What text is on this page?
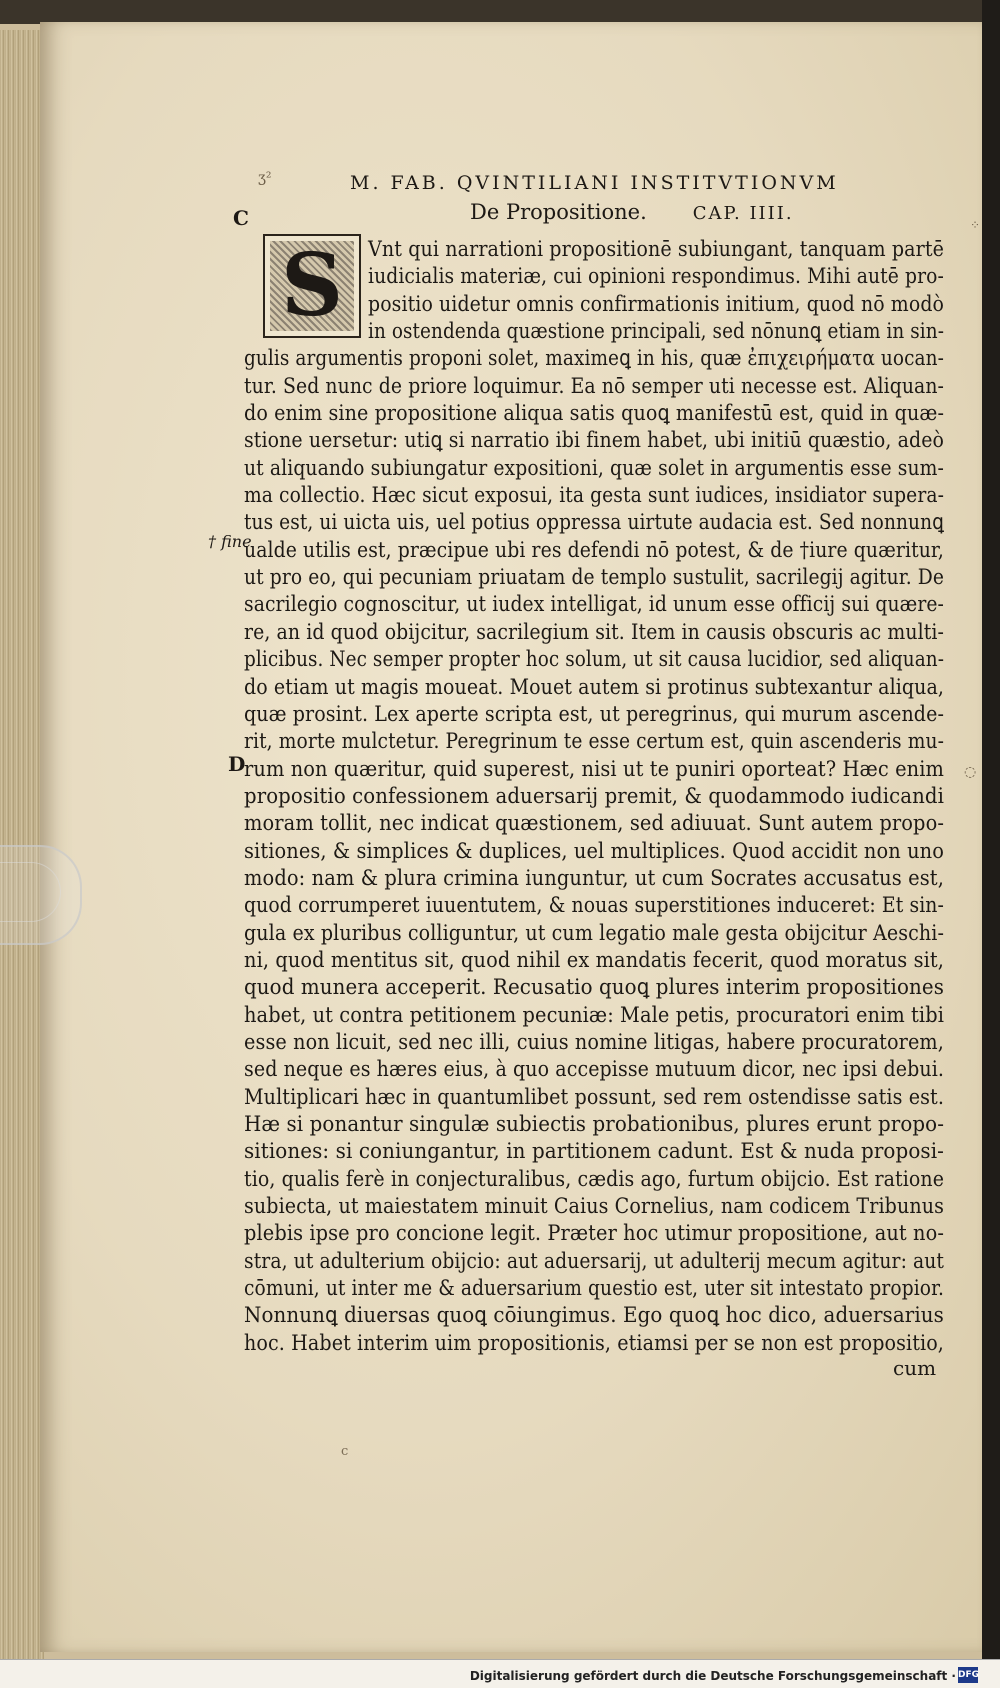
ʒ²	M. FAB. QVINTILIANI INSTITVTIONVM
De Propositione.	CAP. IIII.
C
D
† fine
⁘
◌
S	Vnt qui narrationi propositionē subiungant, tanquam partē
iudicialis materiæ, cui opinioni respondimus. Mihi autē pro-
positio uidetur omnis confirmationis initium, quod nō modò
in ostendenda quæstione principali, sed nōnunꝗ etiam in sin-
gulis argumentis proponi solet, maximeꝗ in his, quæ ἐπιχειρήματα uocan-
tur. Sed nunc de priore loquimur. Ea nō semper uti necesse est. Aliquan-
do enim sine propositione aliqua satis quoꝗ manifestū est, quid in quæ-
stione uersetur: utiꝗ si narratio ibi finem habet, ubi initiū quæstio, adeò
ut aliquando subiungatur expositioni, quæ solet in argumentis esse sum-
ma collectio. Hæc sicut exposui, ita gesta sunt iudices, insidiator supera-
tus est, ui uicta uis, uel potius oppressa uirtute audacia est. Sed nonnunꝗ
ualde utilis est, præcipue ubi res defendi nō potest, & de †iure quæritur,
ut pro eo, qui pecuniam priuatam de templo sustulit, sacrilegij agitur. De
sacrilegio cognoscitur, ut iudex intelligat, id unum esse officij sui quære-
re, an id quod obijcitur, sacrilegium sit. Item in causis obscuris ac multi-
plicibus. Nec semper propter hoc solum, ut sit causa lucidior, sed aliquan-
do etiam ut magis moueat. Mouet autem si protinus subtexantur aliqua,
quæ prosint. Lex aperte scripta est, ut peregrinus, qui murum ascende-
rit, morte mulctetur. Peregrinum te esse certum est, quin ascenderis mu-
rum non quæritur, quid superest, nisi ut te puniri oporteat? Hæc enim
propositio confessionem aduersarij premit, & quodammodo iudicandi
moram tollit, nec indicat quæstionem, sed adiuuat. Sunt autem propo-
sitiones, & simplices & duplices, uel multiplices. Quod accidit non uno
modo: nam & plura crimina iunguntur, ut cum Socrates accusatus est,
quod corrumperet iuuentutem, & nouas superstitiones induceret: Et sin-
gula ex pluribus colliguntur, ut cum legatio male gesta obijcitur Aeschi-
ni, quod mentitus sit, quod nihil ex mandatis fecerit, quod moratus sit,
quod munera acceperit. Recusatio quoꝗ plures interim propositiones
habet, ut contra petitionem pecuniæ: Male petis, procuratori enim tibi
esse non licuit, sed nec illi, cuius nomine litigas, habere procuratorem,
sed neque es hæres eius, à quo accepisse mutuum dicor, nec ipsi debui.
Multiplicari hæc in quantumlibet possunt, sed rem ostendisse satis est.
Hæ si ponantur singulæ subiectis probationibus, plures erunt propo-
sitiones: si coniungantur, in partitionem cadunt. Est & nuda proposi-
tio, qualis ferè in conjecturalibus, cædis ago, furtum obijcio. Est ratione
subiecta, ut maiestatem minuit Caius Cornelius, nam codicem Tribunus
plebis ipse pro concione legit. Præter hoc utimur propositione, aut no-
stra, ut adulterium obijcio: aut aduersarij, ut adulterij mecum agitur: aut
cōmuni, ut inter me & aduersarium questio est, uter sit intestato propior.
Nonnunꝗ diuersas quoꝗ cōiungimus. Ego quoꝗ hoc dico, aduersarius
hoc. Habet interim uim propositionis, etiamsi per se non est propositio,
cum
c
Digitalisierung gefördert durch die Deutsche Forschungsgemeinschaft · DFG
